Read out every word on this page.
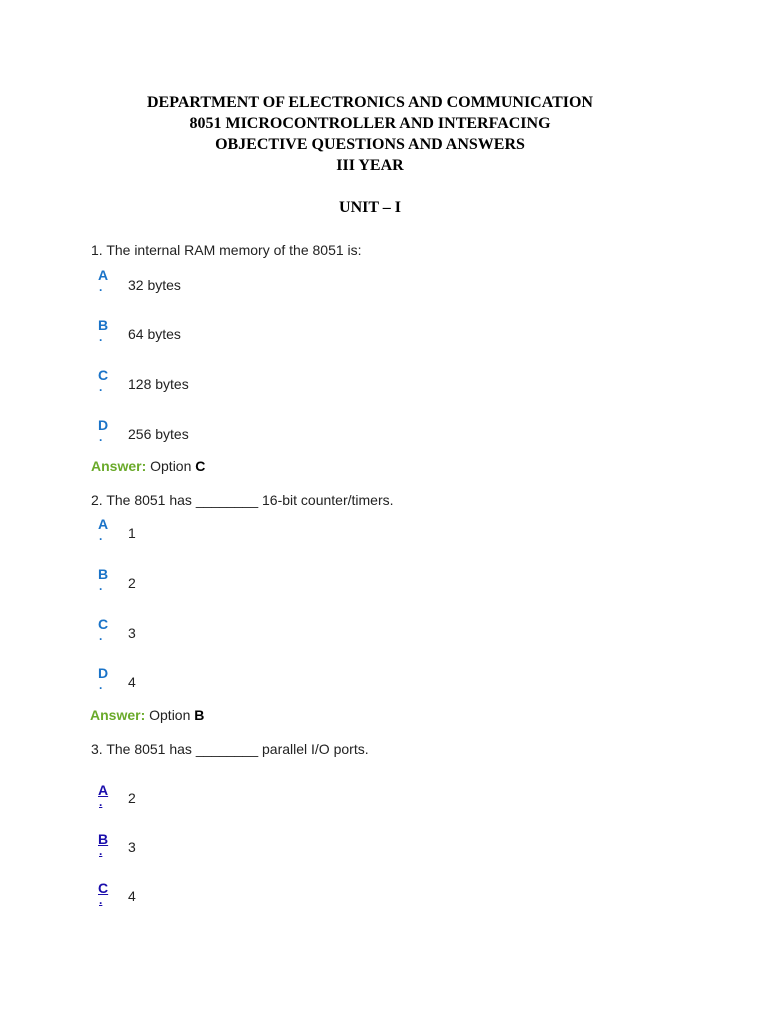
DEPARTMENT OF ELECTRONICS AND COMMUNICATION
8051 MICROCONTROLLER AND INTERFACING
OBJECTIVE QUESTIONS AND ANSWERS
III YEAR
UNIT – I
1. The internal RAM memory of the 8051 is:
A
. 32 bytes
B
. 64 bytes
C
. 128 bytes
D
. 256 bytes
Answer: Option C
2. The 8051 has ________ 16-bit counter/timers.
A
. 1
B
. 2
C
. 3
D
. 4
Answer: Option B
3. The 8051 has ________ parallel I/O ports.
A
. 2
B
. 3
C
. 4
